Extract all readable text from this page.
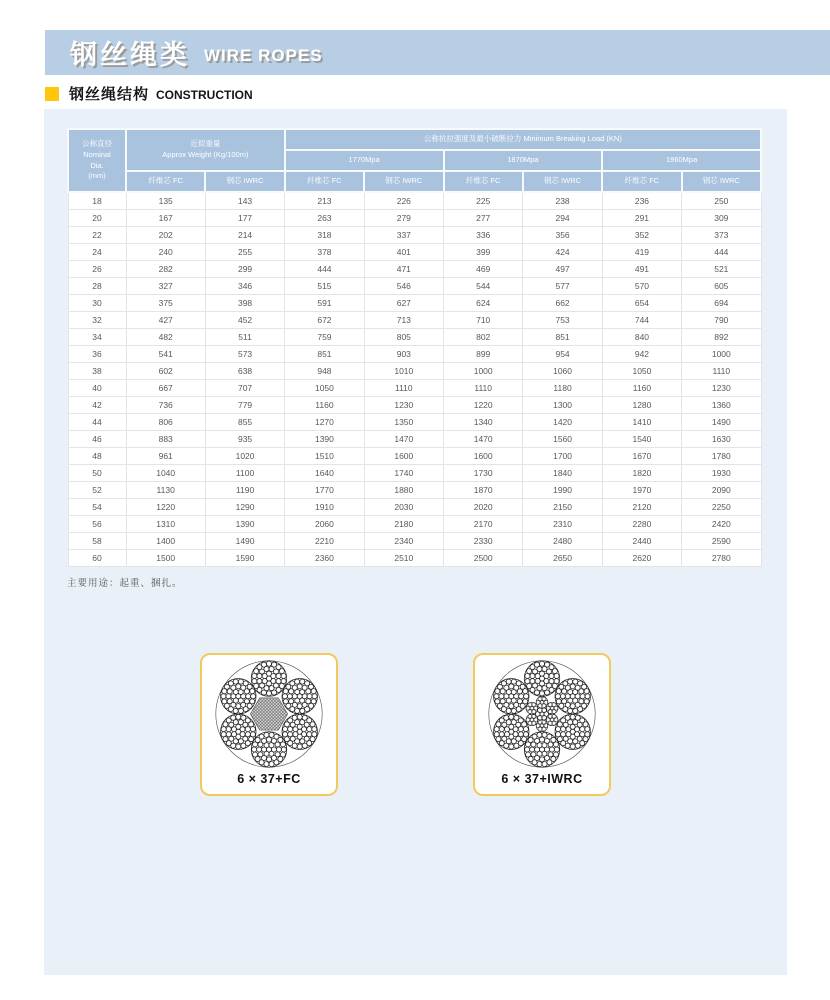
钢丝绳类 WIRE ROPES
钢丝绳结构 CONSTRUCTION
公称直径
Nominal
Dia.
(mm)	近似重量
Approx Weight (Kg/100m)		公称抗拉强度及最小破断拉力 Minimum Breaking Load (KN)					
			1770Mpa		1870Mpa		1960Mpa	
	纤维芯 FC	钢芯 IWRC	纤维芯 FC	钢芯 IWRC	纤维芯 FC	钢芯 IWRC	纤维芯 FC	钢芯 IWRC
18	135	143	213	226	225	238	236	250
20	167	177	263	279	277	294	291	309
22	202	214	318	337	336	356	352	373
24	240	255	378	401	399	424	419	444
26	282	299	444	471	469	497	491	521
28	327	346	515	546	544	577	570	605
30	375	398	591	627	624	662	654	694
32	427	452	672	713	710	753	744	790
34	482	511	759	805	802	851	840	892
36	541	573	851	903	899	954	942	1000
38	602	638	948	1010	1000	1060	1050	1110
40	667	707	1050	1110	1110	1180	1160	1230
42	736	779	1160	1230	1220	1300	1280	1360
44	806	855	1270	1350	1340	1420	1410	1490
46	883	935	1390	1470	1470	1560	1540	1630
48	961	1020	1510	1600	1600	1700	1670	1780
50	1040	1100	1640	1740	1730	1840	1820	1930
52	1130	1190	1770	1880	1870	1990	1970	2090
54	1220	1290	1910	2030	2020	2150	2120	2250
56	1310	1390	2060	2180	2170	2310	2280	2420
58	1400	1490	2210	2340	2330	2480	2440	2590
60	1500	1590	2360	2510	2500	2650	2620	2780
主要用途：起重、捆扎。
6 × 37+FC	6 × 37+IWRC
